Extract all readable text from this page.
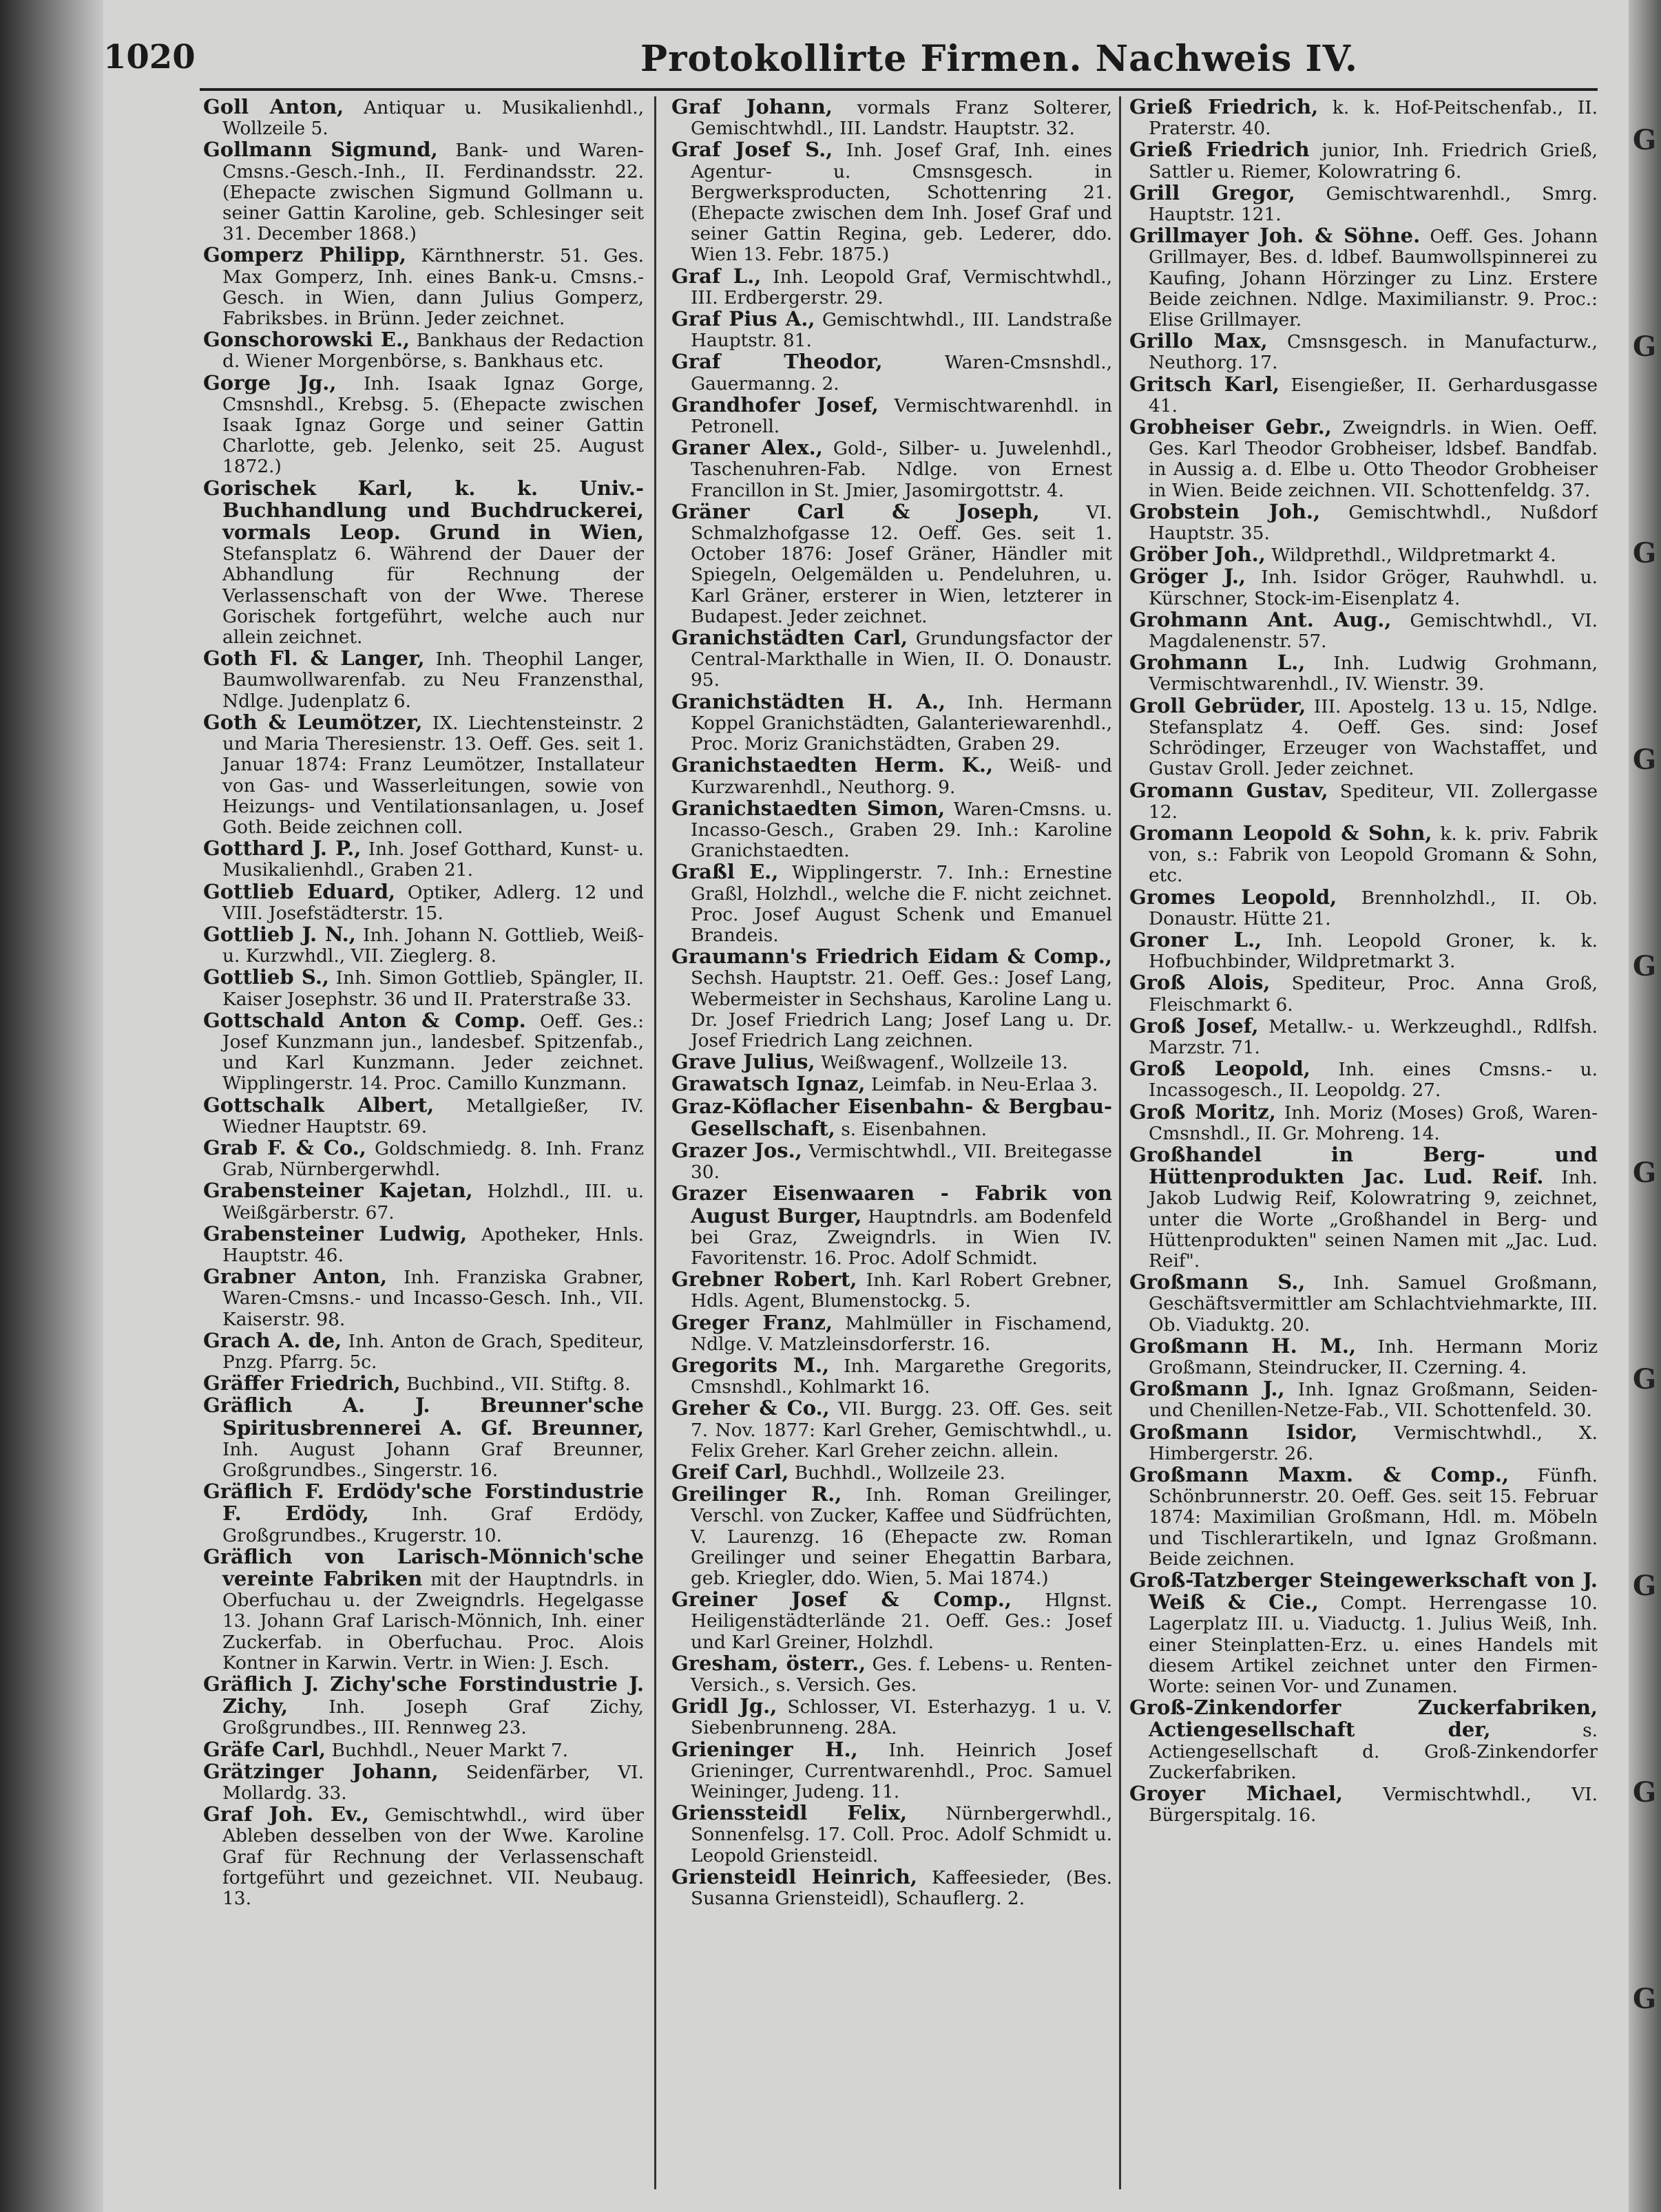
G
G
G
G
G
G
G
G
G
G
1020	Protokollirte Firmen. Nachweis IV.

Goll Anton, Antiquar u. Musikalienhdl., Wollzeile 5.

Gollmann Sigmund, Bank- und Waren-Cmsns.-Gesch.-Inh., II. Ferdinandsstr. 22. (Ehepacte zwischen Sigmund Gollmann u. seiner Gattin Karoline, geb. Schlesinger seit 31. December 1868.)

Gomperz Philipp, Kärnthnerstr. 51. Ges. Max Gomperz, Inh. eines Bank-u. Cmsns.-Gesch. in Wien, dann Julius Gomperz, Fabriksbes. in Brünn. Jeder zeichnet.

Gonschorowski E., Bankhaus der Redaction d. Wiener Morgenbörse, s. Bankhaus etc.

Gorge Jg., Inh. Isaak Ignaz Gorge, Cmsnshdl., Krebsg. 5. (Ehepacte zwischen Isaak Ignaz Gorge und seiner Gattin Charlotte, geb. Jelenko, seit 25. August 1872.)

Gorischek Karl, k. k. Univ.-Buchhandlung und Buchdruckerei, vormals Leop. Grund in Wien, Stefansplatz 6. Während der Dauer der Abhandlung für Rechnung der Verlassenschaft von der Wwe. Therese Gorischek fortgeführt, welche auch nur allein zeichnet.

Goth Fl. & Langer, Inh. Theophil Langer, Baumwollwarenfab. zu Neu Franzensthal, Ndlge. Judenplatz 6.

Goth & Leumötzer, IX. Liechtensteinstr. 2 und Maria Theresienstr. 13. Oeff. Ges. seit 1. Januar 1874: Franz Leumötzer, Installateur von Gas- und Wasserleitungen, sowie von Heizungs- und Ventilationsanlagen, u. Josef Goth. Beide zeichnen coll.

Gotthard J. P., Inh. Josef Gotthard, Kunst- u. Musikalienhdl., Graben 21.

Gottlieb Eduard, Optiker, Adlerg. 12 und VIII. Josefstädterstr. 15.

Gottlieb J. N., Inh. Johann N. Gottlieb, Weiß- u. Kurzwhdl., VII. Zieglerg. 8.

Gottlieb S., Inh. Simon Gottlieb, Spängler, II. Kaiser Josephstr. 36 und II. Praterstraße 33.

Gottschald Anton & Comp. Oeff. Ges.: Josef Kunzmann jun., landesbef. Spitzenfab., und Karl Kunzmann. Jeder zeichnet. Wipplingerstr. 14. Proc. Camillo Kunzmann.

Gottschalk Albert, Metallgießer, IV. Wiedner Hauptstr. 69.

Grab F. & Co., Goldschmiedg. 8. Inh. Franz Grab, Nürnbergerwhdl.

Grabensteiner Kajetan, Holzhdl., III. u. Weißgärberstr. 67.

Grabensteiner Ludwig, Apotheker, Hnls. Hauptstr. 46.

Grabner Anton, Inh. Franziska Grabner, Waren-Cmsns.- und Incasso-Gesch. Inh., VII. Kaiserstr. 98.

Grach A. de, Inh. Anton de Grach, Spediteur, Pnzg. Pfarrg. 5c.

Gräffer Friedrich, Buchbind., VII. Stiftg. 8.

Gräflich A. J. Breunner'sche Spiritusbrennerei A. Gf. Breunner, Inh. August Johann Graf Breunner, Großgrundbes., Singerstr. 16.

Gräflich F. Erdödy'sche Forstindustrie F. Erdödy, Inh. Graf Erdödy, Großgrundbes., Krugerstr. 10.

Gräflich von Larisch-Mönnich'sche vereinte Fabriken mit der Hauptndrls. in Oberfuchau u. der Zweigndrls. Hegelgasse 13. Johann Graf Larisch-Mönnich, Inh. einer Zuckerfab. in Oberfuchau. Proc. Alois Kontner in Karwin. Vertr. in Wien: J. Esch.

Gräflich J. Zichy'sche Forstindustrie J. Zichy, Inh. Joseph Graf Zichy, Großgrundbes., III. Rennweg 23.

Gräfe Carl, Buchhdl., Neuer Markt 7.

Grätzinger Johann, Seidenfärber, VI. Mollardg. 33.

Graf Joh. Ev., Gemischtwhdl., wird über Ableben desselben von der Wwe. Karoline Graf für Rechnung der Verlassenschaft fortgeführt und gezeichnet. VII. Neubaug. 13.

Graf Johann, vormals Franz Solterer, Gemischtwhdl., III. Landstr. Hauptstr. 32.

Graf Josef S., Inh. Josef Graf, Inh. eines Agentur- u. Cmsnsgesch. in Bergwerksproducten, Schottenring 21. (Ehepacte zwischen dem Inh. Josef Graf und seiner Gattin Regina, geb. Lederer, ddo. Wien 13. Febr. 1875.)

Graf L., Inh. Leopold Graf, Vermischtwhdl., III. Erdbergerstr. 29.

Graf Pius A., Gemischtwhdl., III. Landstraße Hauptstr. 81.

Graf Theodor, Waren-Cmsnshdl., Gauermanng. 2.

Grandhofer Josef, Vermischtwarenhdl. in Petronell.

Graner Alex., Gold-, Silber- u. Juwelenhdl., Taschenuhren-Fab. Ndlge. von Ernest Francillon in St. Jmier, Jasomirgottstr. 4.

Gräner Carl & Joseph, VI. Schmalzhofgasse 12. Oeff. Ges. seit 1. October 1876: Josef Gräner, Händler mit Spiegeln, Oelgemälden u. Pendeluhren, u. Karl Gräner, ersterer in Wien, letzterer in Budapest. Jeder zeichnet.

Granichstädten Carl, Grundungsfactor der Central-Markthalle in Wien, II. O. Donaustr. 95.

Granichstädten H. A., Inh. Hermann Koppel Granichstädten, Galanteriewarenhdl., Proc. Moriz Granichstädten, Graben 29.

Granichstaedten Herm. K., Weiß- und Kurzwarenhdl., Neuthorg. 9.

Granichstaedten Simon, Waren-Cmsns. u. Incasso-Gesch., Graben 29. Inh.: Karoline Granichstaedten.

Graßl E., Wipplingerstr. 7. Inh.: Ernestine Graßl, Holzhdl., welche die F. nicht zeichnet. Proc. Josef August Schenk und Emanuel Brandeis.

Graumann's Friedrich Eidam & Comp., Sechsh. Hauptstr. 21. Oeff. Ges.: Josef Lang, Webermeister in Sechshaus, Karoline Lang u. Dr. Josef Friedrich Lang; Josef Lang u. Dr. Josef Friedrich Lang zeichnen.

Grave Julius, Weißwagenf., Wollzeile 13.

Grawatsch Ignaz, Leimfab. in Neu-Erlaa 3.

Graz-Köflacher Eisenbahn- & Bergbau-Gesellschaft, s. Eisenbahnen.

Grazer Jos., Vermischtwhdl., VII. Breitegasse 30.

Grazer Eisenwaaren - Fabrik von August Burger, Hauptndrls. am Bodenfeld bei Graz, Zweigndrls. in Wien IV. Favoritenstr. 16. Proc. Adolf Schmidt.

Grebner Robert, Inh. Karl Robert Grebner, Hdls. Agent, Blumenstockg. 5.

Greger Franz, Mahlmüller in Fischamend, Ndlge. V. Matzleinsdorferstr. 16.

Gregorits M., Inh. Margarethe Gregorits, Cmsnshdl., Kohlmarkt 16.

Greher & Co., VII. Burgg. 23. Off. Ges. seit 7. Nov. 1877: Karl Greher, Gemischtwhdl., u. Felix Greher. Karl Greher zeichn. allein.

Greif Carl, Buchhdl., Wollzeile 23.

Greilinger R., Inh. Roman Greilinger, Verschl. von Zucker, Kaffee und Südfrüchten, V. Laurenzg. 16 (Ehepacte zw. Roman Greilinger und seiner Ehegattin Barbara, geb. Kriegler, ddo. Wien, 5. Mai 1874.)

Greiner Josef & Comp., Hlgnst. Heiligenstädterlände 21. Oeff. Ges.: Josef und Karl Greiner, Holzhdl.

Gresham, österr., Ges. f. Lebens- u. Renten-Versich., s. Versich. Ges.

Gridl Jg., Schlosser, VI. Esterhazyg. 1 u. V. Siebenbrunneng. 28A.

Grieninger H., Inh. Heinrich Josef Grieninger, Currentwarenhdl., Proc. Samuel Weininger, Judeng. 11.

Grienssteidl Felix, Nürnbergerwhdl., Sonnenfelsg. 17. Coll. Proc. Adolf Schmidt u. Leopold Griensteidl.

Griensteidl Heinrich, Kaffeesieder, (Bes. Susanna Griensteidl), Schauflerg. 2.

Grieß Friedrich, k. k. Hof-Peitschenfab., II. Praterstr. 40.

Grieß Friedrich junior, Inh. Friedrich Grieß, Sattler u. Riemer, Kolowratring 6.

Grill Gregor, Gemischtwarenhdl., Smrg. Hauptstr. 121.

Grillmayer Joh. & Söhne. Oeff. Ges. Johann Grillmayer, Bes. d. ldbef. Baumwollspinnerei zu Kaufing, Johann Hörzinger zu Linz. Erstere Beide zeichnen. Ndlge. Maximilianstr. 9. Proc.: Elise Grillmayer.

Grillo Max, Cmsnsgesch. in Manufacturw., Neuthorg. 17.

Gritsch Karl, Eisengießer, II. Gerhardusgasse 41.

Grobheiser Gebr., Zweigndrls. in Wien. Oeff. Ges. Karl Theodor Grobheiser, ldsbef. Bandfab. in Aussig a. d. Elbe u. Otto Theodor Grobheiser in Wien. Beide zeichnen. VII. Schottenfeldg. 37.

Grobstein Joh., Gemischtwhdl., Nußdorf Hauptstr. 35.

Gröber Joh., Wildprethdl., Wildpretmarkt 4.

Gröger J., Inh. Isidor Gröger, Rauhwhdl. u. Kürschner, Stock-im-Eisenplatz 4.

Grohmann Ant. Aug., Gemischtwhdl., VI. Magdalenenstr. 57.

Grohmann L., Inh. Ludwig Grohmann, Vermischtwarenhdl., IV. Wienstr. 39.

Groll Gebrüder, III. Apostelg. 13 u. 15, Ndlge. Stefansplatz 4. Oeff. Ges. sind: Josef Schrödinger, Erzeuger von Wachstaffet, und Gustav Groll. Jeder zeichnet.

Gromann Gustav, Spediteur, VII. Zollergasse 12.

Gromann Leopold & Sohn, k. k. priv. Fabrik von, s.: Fabrik von Leopold Gromann & Sohn, etc.

Gromes Leopold, Brennholzhdl., II. Ob. Donaustr. Hütte 21.

Groner L., Inh. Leopold Groner, k. k. Hofbuchbinder, Wildpretmarkt 3.

Groß Alois, Spediteur, Proc. Anna Groß, Fleischmarkt 6.

Groß Josef, Metallw.- u. Werkzeughdl., Rdlfsh. Marzstr. 71.

Groß Leopold, Inh. eines Cmsns.- u. Incassogesch., II. Leopoldg. 27.

Groß Moritz, Inh. Moriz (Moses) Groß, Waren-Cmsnshdl., II. Gr. Mohreng. 14.

Großhandel in Berg- und Hüttenprodukten Jac. Lud. Reif. Inh. Jakob Ludwig Reif, Kolowratring 9, zeichnet, unter die Worte „Großhandel in Berg- und Hüttenprodukten" seinen Namen mit „Jac. Lud. Reif".

Großmann S., Inh. Samuel Großmann, Geschäftsvermittler am Schlachtviehmarkte, III. Ob. Viaduktg. 20.

Großmann H. M., Inh. Hermann Moriz Großmann, Steindrucker, II. Czerning. 4.

Großmann J., Inh. Ignaz Großmann, Seiden- und Chenillen-Netze-Fab., VII. Schottenfeld. 30.

Großmann Isidor, Vermischtwhdl., X. Himbergerstr. 26.

Großmann Maxm. & Comp., Fünfh. Schönbrunnerstr. 20. Oeff. Ges. seit 15. Februar 1874: Maximilian Großmann, Hdl. m. Möbeln und Tischlerartikeln, und Ignaz Großmann. Beide zeichnen.

Groß-Tatzberger Steingewerkschaft von J. Weiß & Cie., Compt. Herrengasse 10. Lagerplatz III. u. Viaductg. 1. Julius Weiß, Inh. einer Steinplatten-Erz. u. eines Handels mit diesem Artikel zeichnet unter den Firmen-Worte: seinen Vor- und Zunamen.

Groß-Zinkendorfer Zuckerfabriken, Actiengesellschaft der, s. Actiengesellschaft d. Groß-Zinkendorfer Zuckerfabriken.

Groyer Michael, Vermischtwhdl., VI. Bürgerspitalg. 16.
